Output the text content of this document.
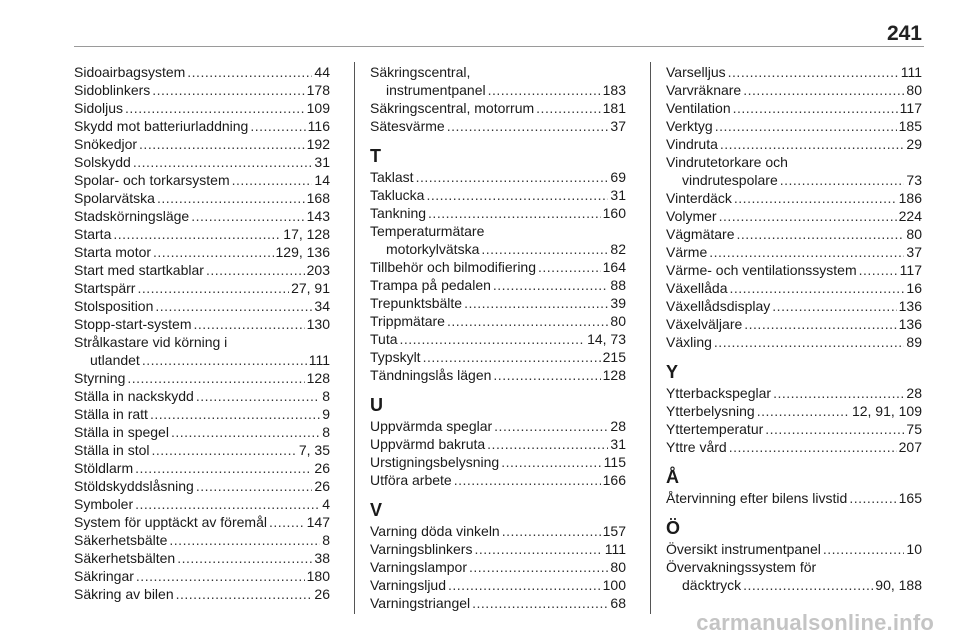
241
Sidoairbagsystem .....	44
Sidoblinkers .....	178
Sidoljus .....	109
Skydd mot batteriurladdning .....	116
Snökedjor .....	192
Solskydd .....	31
Spolar- och torkarsystem .....	14
Spolarvätska .....	168
Stadskörningsläge .....	143
Starta .....	17, 128
Starta motor .....	129, 136
Start med startkablar .....	203
Startspärr .....	27, 91
Stolsposition .....	34
Stopp-start-system .....	130
Strålkastare vid körning i
utlandet .....	111
Styrning .....	128
Ställa in nackskydd .....	8
Ställa in ratt .....	9
Ställa in spegel .....	8
Ställa in stol .....	7, 35
Stöldlarm .....	26
Stöldskyddslåsning .....	26
Symboler .....	4
System för upptäckt av föremål .....	147
Säkerhetsbälte .....	8
Säkerhetsbälten .....	38
Säkringar .....	180
Säkring av bilen .....	26
Säkringscentral,
instrumentpanel .....	183
Säkringscentral, motorrum .....	181
Sätesvärme .....	37
T
Taklast .....	69
Taklucka .....	31
Tankning .....	160
Temperaturmätare
motorkylvätska .....	82
Tillbehör och bilmodifiering .....	164
Trampa på pedalen .....	88
Trepunktsbälte .....	39
Trippmätare .....	80
Tuta .....	14, 73
Typskylt .....	215
Tändningslås lägen .....	128
U
Uppvärmda speglar .....	28
Uppvärmd bakruta .....	31
Urstigningsbelysning .....	115
Utföra arbete .....	166
V
Varning döda vinkeln .....	157
Varningsblinkers .....	111
Varningslampor .....	80
Varningsljud .....	100
Varningstriangel .....	68
Varselljus .....	111
Varvräknare .....	80
Ventilation .....	117
Verktyg .....	185
Vindruta .....	29
Vindrutetorkare och
vindrutespolare .....	73
Vinterdäck .....	186
Volymer .....	224
Vägmätare .....	80
Värme .....	37
Värme- och ventilationssystem .....	117
Växellåda .....	16
Växellådsdisplay .....	136
Växelväljare .....	136
Växling .....	89
Y
Ytterbackspeglar .....	28
Ytterbelysning .....	12, 91, 109
Yttertemperatur .....	75
Yttre vård .....	207
Å
Återvinning efter bilens livstid .....	165
Ö
Översikt instrumentpanel .....	10
Övervakningssystem för
däcktryck .....	90, 188
carmanualsonline.info
